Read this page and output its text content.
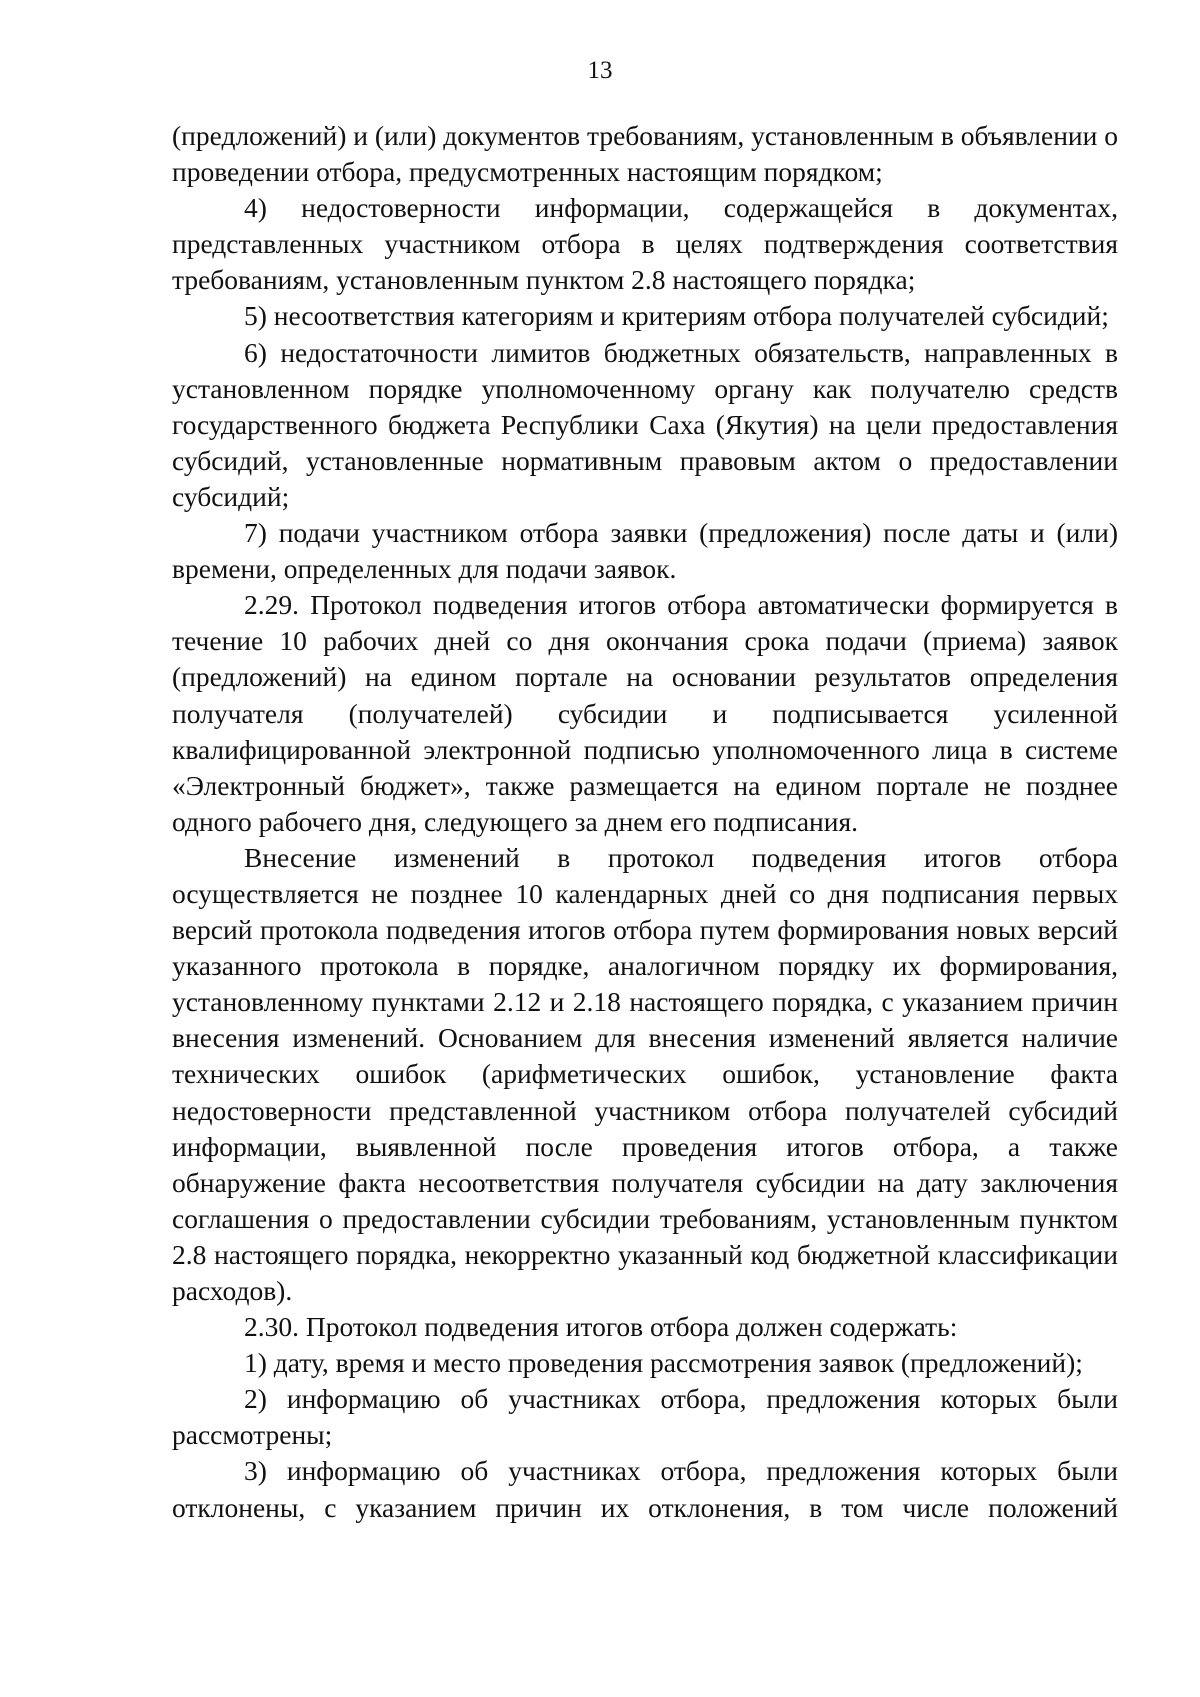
13

(предложений) и (или) документов требованиям, установленным в объявлении о проведении отбора, предусмотренных настоящим порядком;

4) недостоверности информации, содержащейся в документах, представленных участником отбора в целях подтверждения соответствия требованиям, установленным пунктом 2.8 настоящего порядка;

5) несоответствия категориям и критериям отбора получателей субсидий;

6) недостаточности лимитов бюджетных обязательств, направленных в установленном порядке уполномоченному органу как получателю средств государственного бюджета Республики Саха (Якутия) на цели предоставления субсидий, установленные нормативным правовым актом о предоставлении субсидий;

7) подачи участником отбора заявки (предложения) после даты и (или) времени, определенных для подачи заявок.

2.29. Протокол подведения итогов отбора автоматически формируется в течение 10 рабочих дней со дня окончания срока подачи (приема) заявок (предложений) на едином портале на основании результатов определения получателя (получателей) субсидии и подписывается усиленной квалифицированной электронной подписью уполномоченного лица в системе «Электронный бюджет», также размещается на едином портале не позднее одного рабочего дня, следующего за днем его подписания.

Внесение изменений в протокол подведения итогов отбора осуществляется не позднее 10 календарных дней со дня подписания первых версий протокола подведения итогов отбора путем формирования новых версий указанного протокола в порядке, аналогичном порядку их формирования, установленному пунктами 2.12 и 2.18 настоящего порядка, с указанием причин внесения изменений. Основанием для внесения изменений является наличие технических ошибок (арифметических ошибок, установление факта недостоверности представленной участником отбора получателей субсидий информации, выявленной после проведения итогов отбора, а также обнаружение факта несоответствия получателя субсидии на дату заключения соглашения о предоставлении субсидии требованиям, установленным пунктом 2.8 настоящего порядка, некорректно указанный код бюджетной классификации расходов).

2.30. Протокол подведения итогов отбора должен содержать:

1) дату, время и место проведения рассмотрения заявок (предложений);

2) информацию об участниках отбора, предложения которых были рассмотрены;

3) информацию об участниках отбора, предложения которых были отклонены, с указанием причин их отклонения, в том числе положений
